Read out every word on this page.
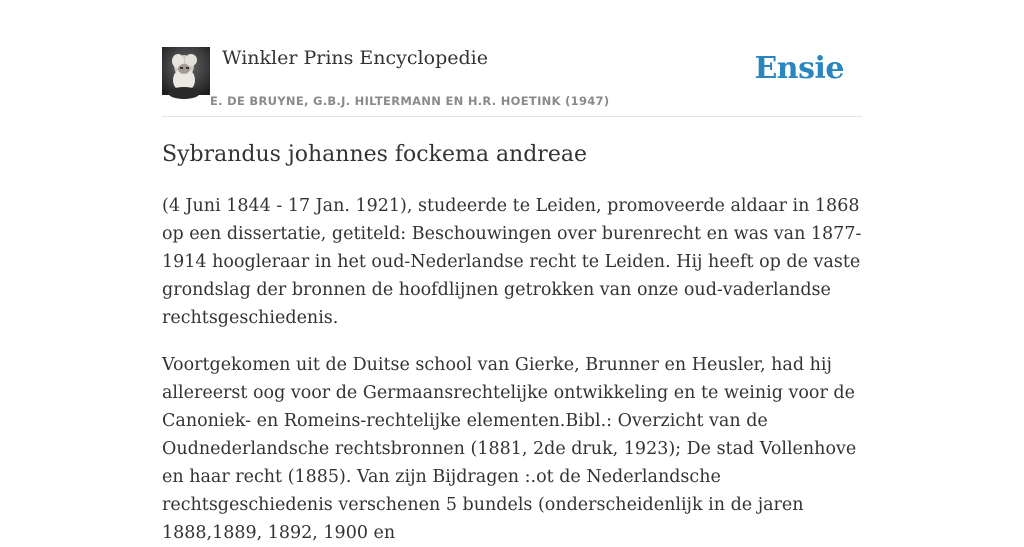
Winkler Prins Encyclopedie
E. DE BRUYNE, G.B.J. HILTERMANN EN H.R. HOETINK (1947)
Ensie
Sybrandus johannes fockema andreae

(4 Juni 1844 - 17 Jan. 1921), studeerde te Leiden, promoveerde aldaar in 1868 op een dissertatie, getiteld: Beschouwingen over burenrecht en was van 1877-1914 hoogleraar in het oud-Nederlandse recht te Leiden. Hij heeft op de vaste grondslag der bronnen de hoofdlijnen getrokken van onze oud-vaderlandse rechtsgeschiedenis.

Voortgekomen uit de Duitse school van Gierke, Brunner en Heusler, had hij allereerst oog voor de Germaansrechtelijke ontwikkeling en te weinig voor de Canoniek- en Romeins-rechtelijke elementen.Bibl.: Overzicht van de Oudnederlandsche rechtsbronnen (1881, 2de druk, 1923); De stad Vollenhove en haar recht (1885). Van zijn Bijdragen :.ot de Nederlandsche rechtsgeschiedenis verschenen 5 bundels (onderscheidenlijk in de jaren 1888,1889, 1892, 1900 en
